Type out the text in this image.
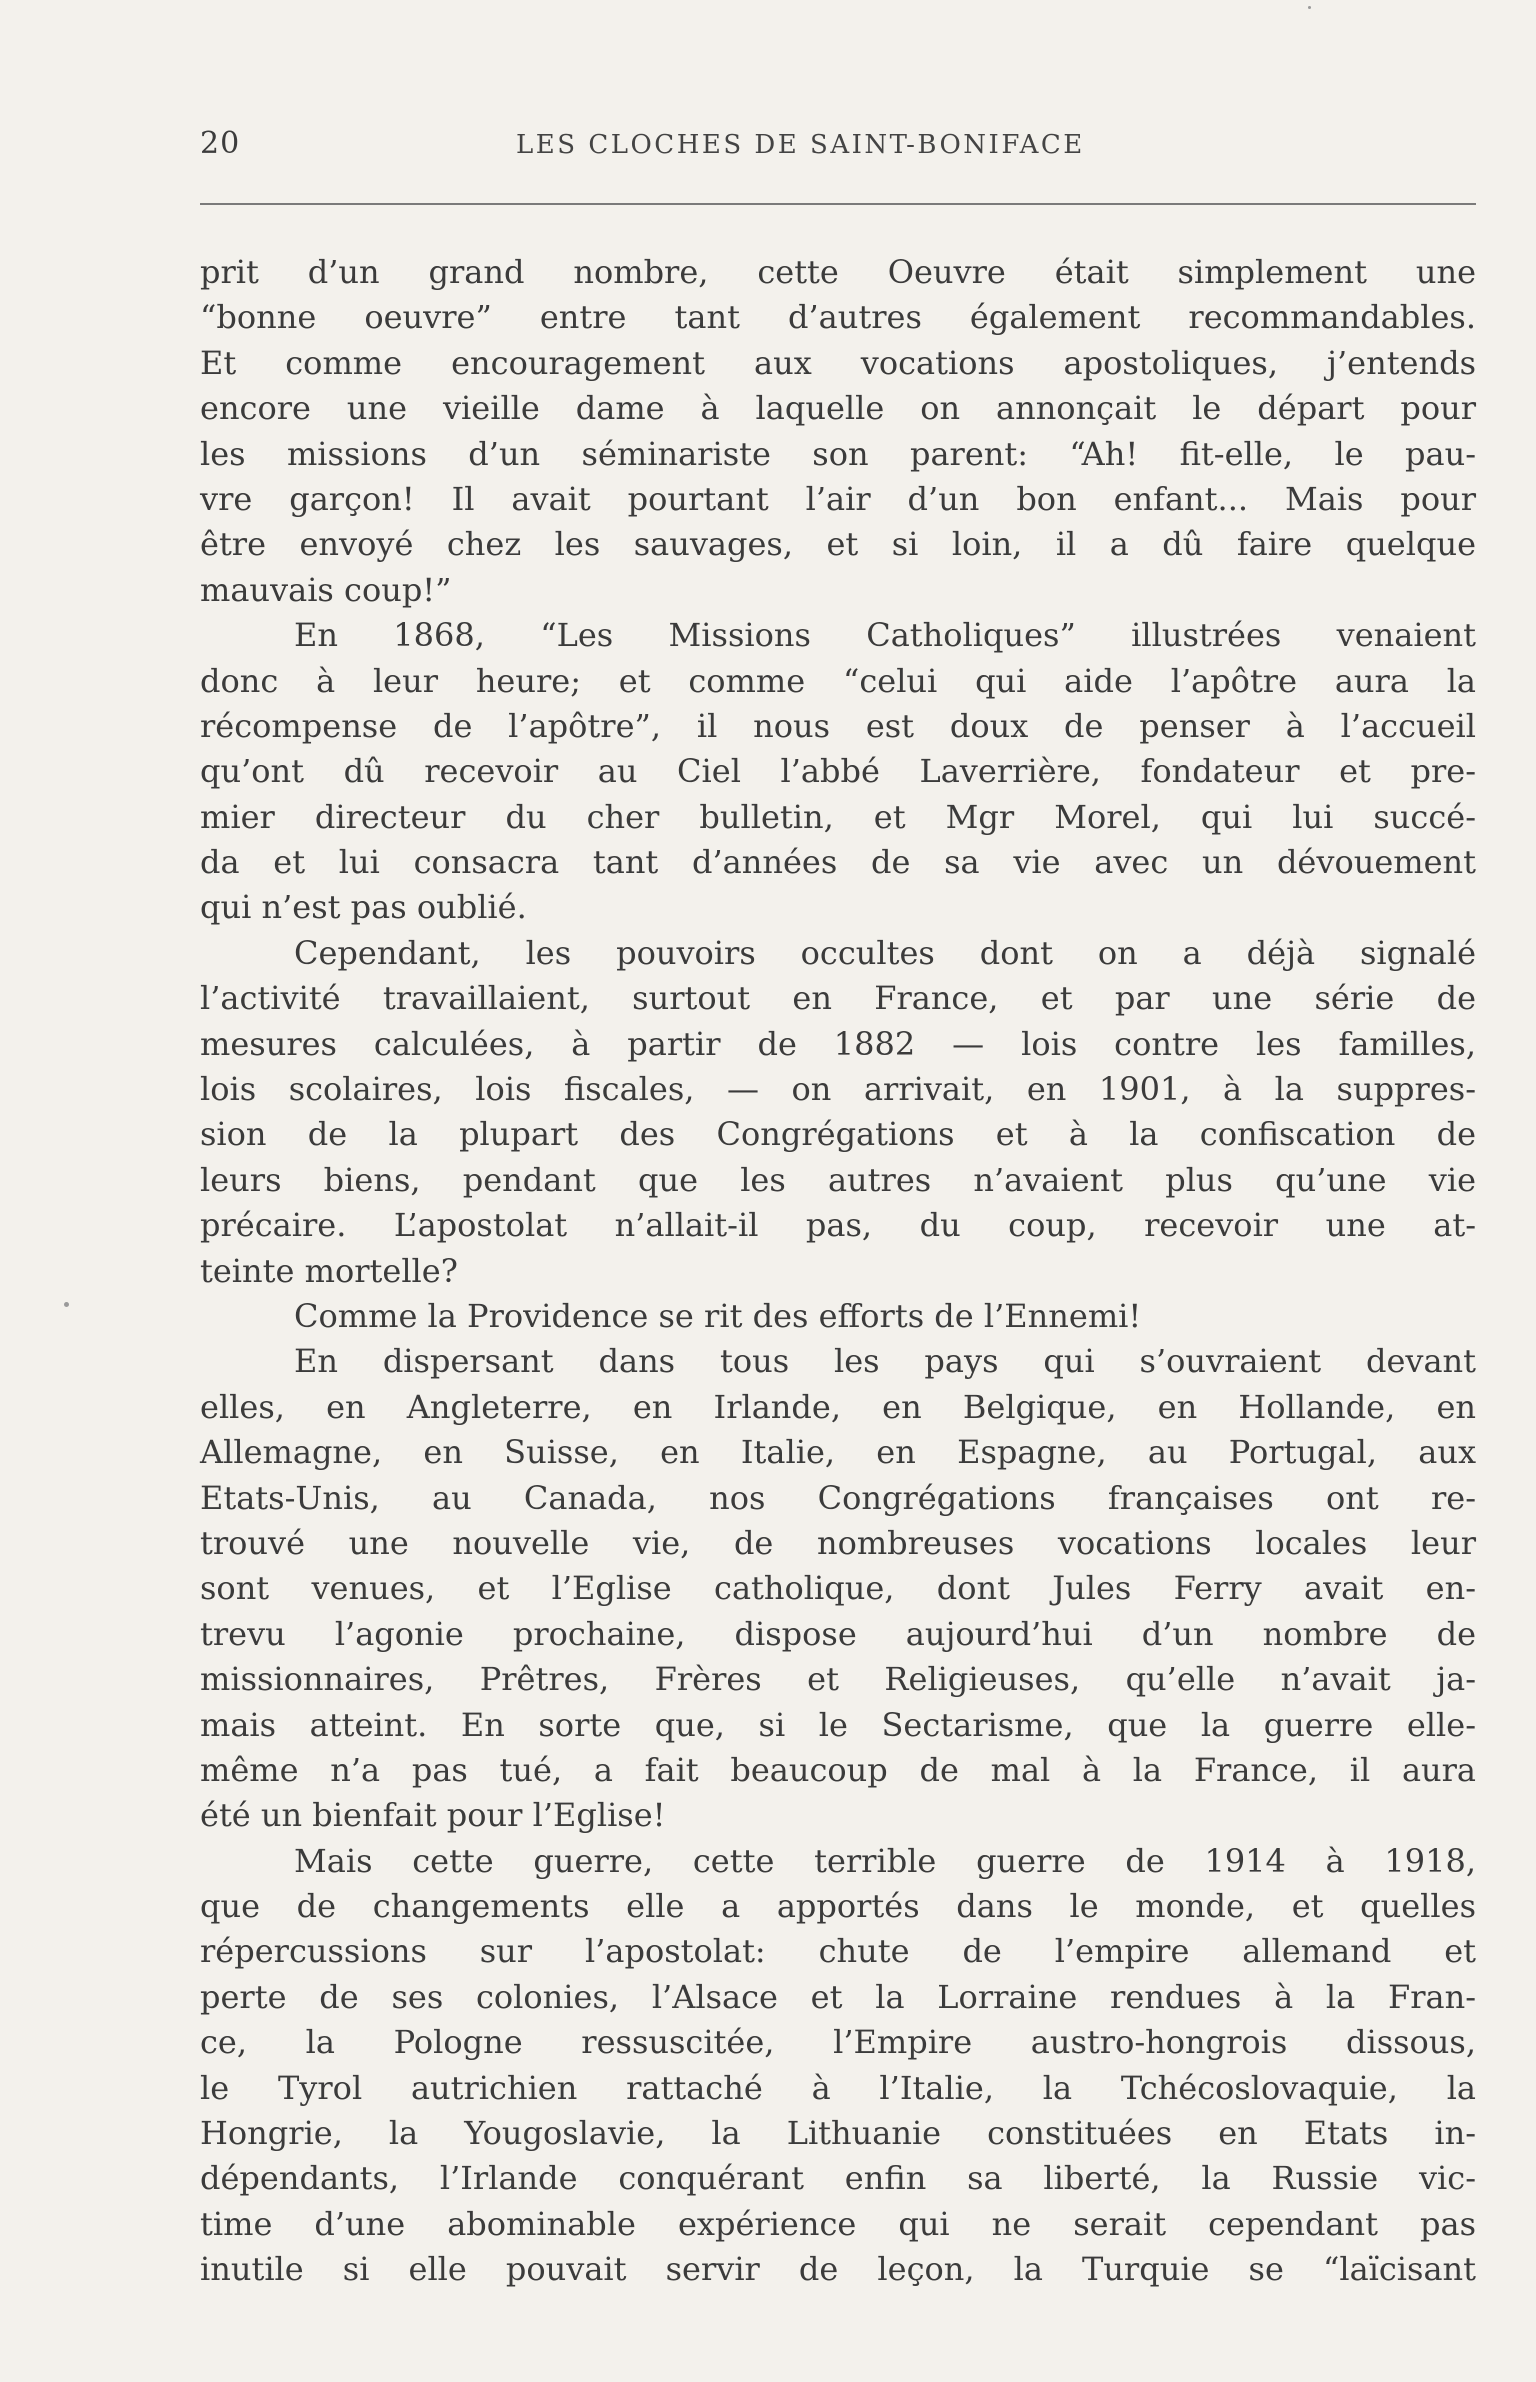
20	LES CLOCHES DE SAINT-BONIFACE
prit d’un grand nombre, cette Oeuvre était simplement une
“bonne oeuvre” entre tant d’autres également recommandables.
Et comme encouragement aux vocations apostoliques, j’entends
encore une vieille dame à laquelle on annonçait le départ pour
les missions d’un séminariste son parent: “Ah! fit-elle, le pau-
vre garçon! Il avait pourtant l’air d’un bon enfant... Mais pour
être envoyé chez les sauvages, et si loin, il a dû faire quelque
mauvais coup!”
En 1868, “Les Missions Catholiques” illustrées venaient
donc à leur heure; et comme “celui qui aide l’apôtre aura la
récompense de l’apôtre”, il nous est doux de penser à l’accueil
qu’ont dû recevoir au Ciel l’abbé Laverrière, fondateur et pre-
mier directeur du cher bulletin, et Mgr Morel, qui lui succé-
da et lui consacra tant d’années de sa vie avec un dévouement
qui n’est pas oublié.
Cependant, les pouvoirs occultes dont on a déjà signalé
l’activité travaillaient, surtout en France, et par une série de
mesures calculées, à partir de 1882 — lois contre les familles,
lois scolaires, lois fiscales, — on arrivait, en 1901, à la suppres-
sion de la plupart des Congrégations et à la confiscation de
leurs biens, pendant que les autres n’avaient plus qu’une vie
précaire. L’apostolat n’allait-il pas, du coup, recevoir une at-
teinte mortelle?
Comme la Providence se rit des efforts de l’Ennemi!
En dispersant dans tous les pays qui s’ouvraient devant
elles, en Angleterre, en Irlande, en Belgique, en Hollande, en
Allemagne, en Suisse, en Italie, en Espagne, au Portugal, aux
Etats-Unis, au Canada, nos Congrégations françaises ont re-
trouvé une nouvelle vie, de nombreuses vocations locales leur
sont venues, et l’Eglise catholique, dont Jules Ferry avait en-
trevu l’agonie prochaine, dispose aujourd’hui d’un nombre de
missionnaires, Prêtres, Frères et Religieuses, qu’elle n’avait ja-
mais atteint. En sorte que, si le Sectarisme, que la guerre elle-
même n’a pas tué, a fait beaucoup de mal à la France, il aura
été un bienfait pour l’Eglise!
Mais cette guerre, cette terrible guerre de 1914 à 1918,
que de changements elle a apportés dans le monde, et quelles
répercussions sur l’apostolat: chute de l’empire allemand et
perte de ses colonies, l’Alsace et la Lorraine rendues à la Fran-
ce, la Pologne ressuscitée, l’Empire austro-hongrois dissous,
le Tyrol autrichien rattaché à l’Italie, la Tchécoslovaquie, la
Hongrie, la Yougoslavie, la Lithuanie constituées en Etats in-
dépendants, l’Irlande conquérant enfin sa liberté, la Russie vic-
time d’une abominable expérience qui ne serait cependant pas
inutile si elle pouvait servir de leçon, la Turquie se “laïcisant
